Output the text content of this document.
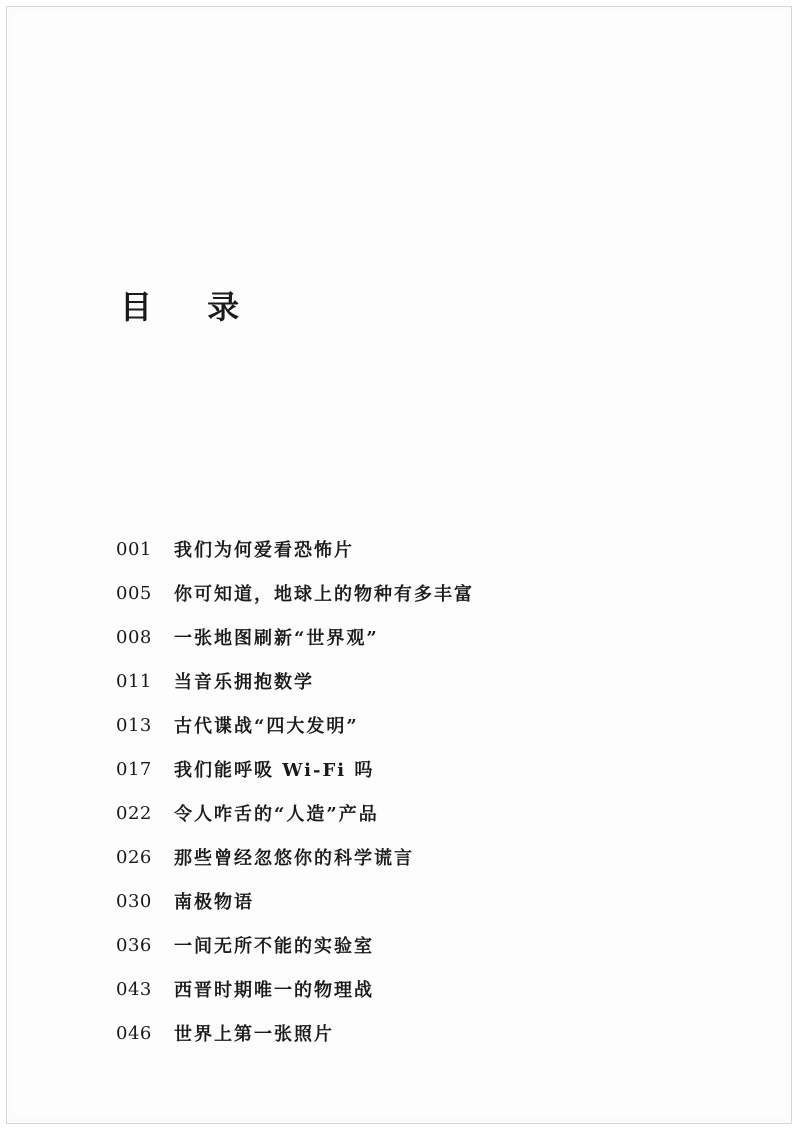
目 录
001	我们为何爱看恐怖片
005	你可知道，地球上的物种有多丰富
008	一张地图刷新“世界观”
011	当音乐拥抱数学
013	古代谍战“四大发明”
017	我们能呼吸 Wi-Fi 吗
022	令人咋舌的“人造”产品
026	那些曾经忽悠你的科学谎言
030	南极物语
036	一间无所不能的实验室
043	西晋时期唯一的物理战
046	世界上第一张照片
